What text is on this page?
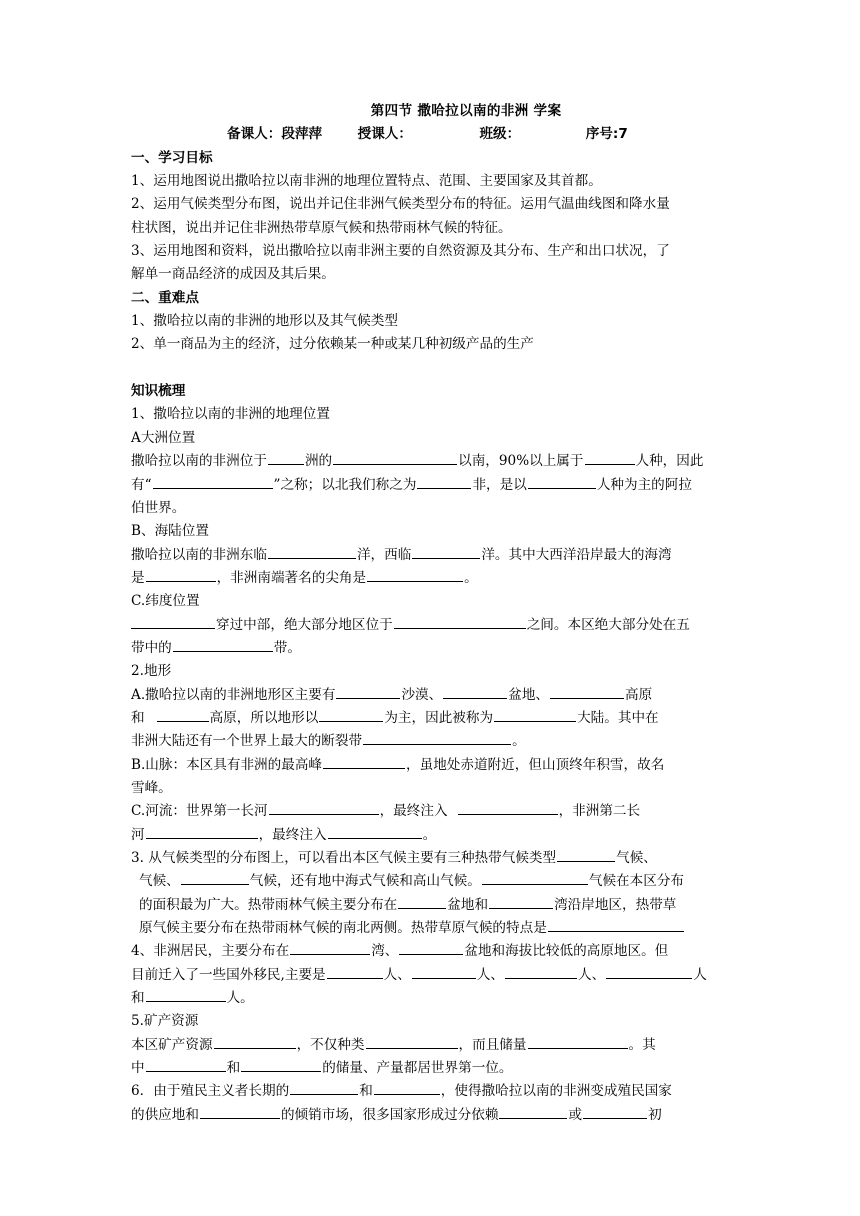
第四节 撒哈拉以南的非洲 学案
备课人：段萍萍	授课人：	班级：	序号:7
一、学习目标
1、运用地图说出撒哈拉以南非洲的地理位置特点、范围、主要国家及其首都。
2、运用气候类型分布图，说出并记住非洲气候类型分布的特征。运用气温曲线图和降水量
柱状图，说出并记住非洲热带草原气候和热带雨林气候的特征。
3、运用地图和资料，说出撒哈拉以南非洲主要的自然资源及其分布、生产和出口状况，了
解单一商品经济的成因及其后果。
二、重难点
1、撒哈拉以南的非洲的地形以及其气候类型
2、单一商品为主的经济，过分依赖某一种或某几种初级产品的生产
知识梳理
1、撒哈拉以南的非洲的地理位置
A大洲位置
撒哈拉以南的非洲位于	洲的	以南，90%以上属于	人种，因此
有“	”之称；以北我们称之为	非，是以	人种为主的阿拉
伯世界。
B、海陆位置
撒哈拉以南的非洲东临	洋，西临	洋。其中大西洋沿岸最大的海湾
是	，非洲南端著名的尖角是	。
C.纬度位置
穿过中部，绝大部分地区位于	之间。本区绝大部分处在五
带中的	带。
2.地形
A.撒哈拉以南的非洲地形区主要有	沙漠、	盆地、	高原
和	高原，所以地形以	为主，因此被称为	大陆。其中在
非洲大陆还有一个世界上最大的断裂带	。
B.山脉：本区具有非洲的最高峰	，虽地处赤道附近，但山顶终年积雪，故名
雪峰。
C.河流：世界第一长河	，最终注入	，非洲第二长
河	，最终注入	。
3. 从气候类型的分布图上，可以看出本区气候主要有三种热带气候类型	气候、
气候、	气候，还有地中海式气候和高山气候。	气候在本区分布
的面积最为广大。热带雨林气候主要分布在	盆地和	湾沿岸地区，热带草
原气候主要分布在热带雨林气候的南北两侧。热带草原气候的特点是
4、非洲居民，主要分布在	湾、	盆地和海拔比较低的高原地区。但
目前迁入了一些国外移民,主要是	人、	人、	人、	人
和	人。
5.矿产资源
本区矿产资源	，不仅种类	，而且储量	。其
中	和	的储量、产量都居世界第一位。
6．由于殖民主义者长期的	和	，使得撒哈拉以南的非洲变成殖民国家
的供应地和	的倾销市场，很多国家形成过分依赖	或	初
